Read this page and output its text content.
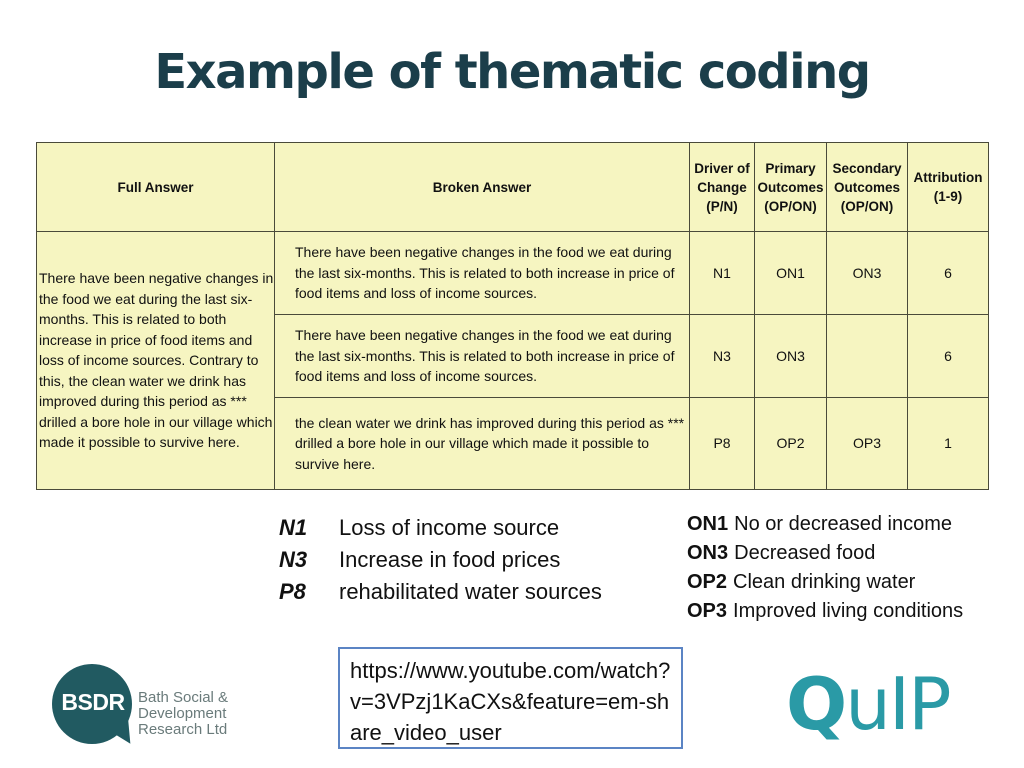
Example of thematic coding
Full Answer	Broken Answer	Driver of Change (P/N)	Primary Outcomes (OP/ON)	Secondary Outcomes (OP/ON)	Attribution (1-9)
There have been negative changes in the food we eat during the last six-months. This is related to both increase in price of food items and loss of income sources. Contrary to this, the clean water we drink has improved during this period as *** drilled a bore hole in our village which made it possible to survive here.	There have been negative changes in the food we eat during the last six-months. This is related to both increase in price of food items and loss of income sources.	N1	ON1	ON3	6
	There have been negative changes in the food we eat during the last six-months. This is related to both increase in price of food items and loss of income sources.	N3	ON3		6
	the clean water we drink has improved during this period as *** drilled a bore hole in our village which made it possible to survive here.	P8	OP2	OP3	1
N1	Loss of income source
N3	Increase in food prices
P8	rehabilitated water sources
ON1 No or decreased income
ON3 Decreased food
OP2 Clean drinking water
OP3 Improved living conditions
https://www.youtube.com/watch?v=3VPzj1KaCXs&feature=em-share_video_user
BSDR Bath Social & Development Research Ltd	QuIP
